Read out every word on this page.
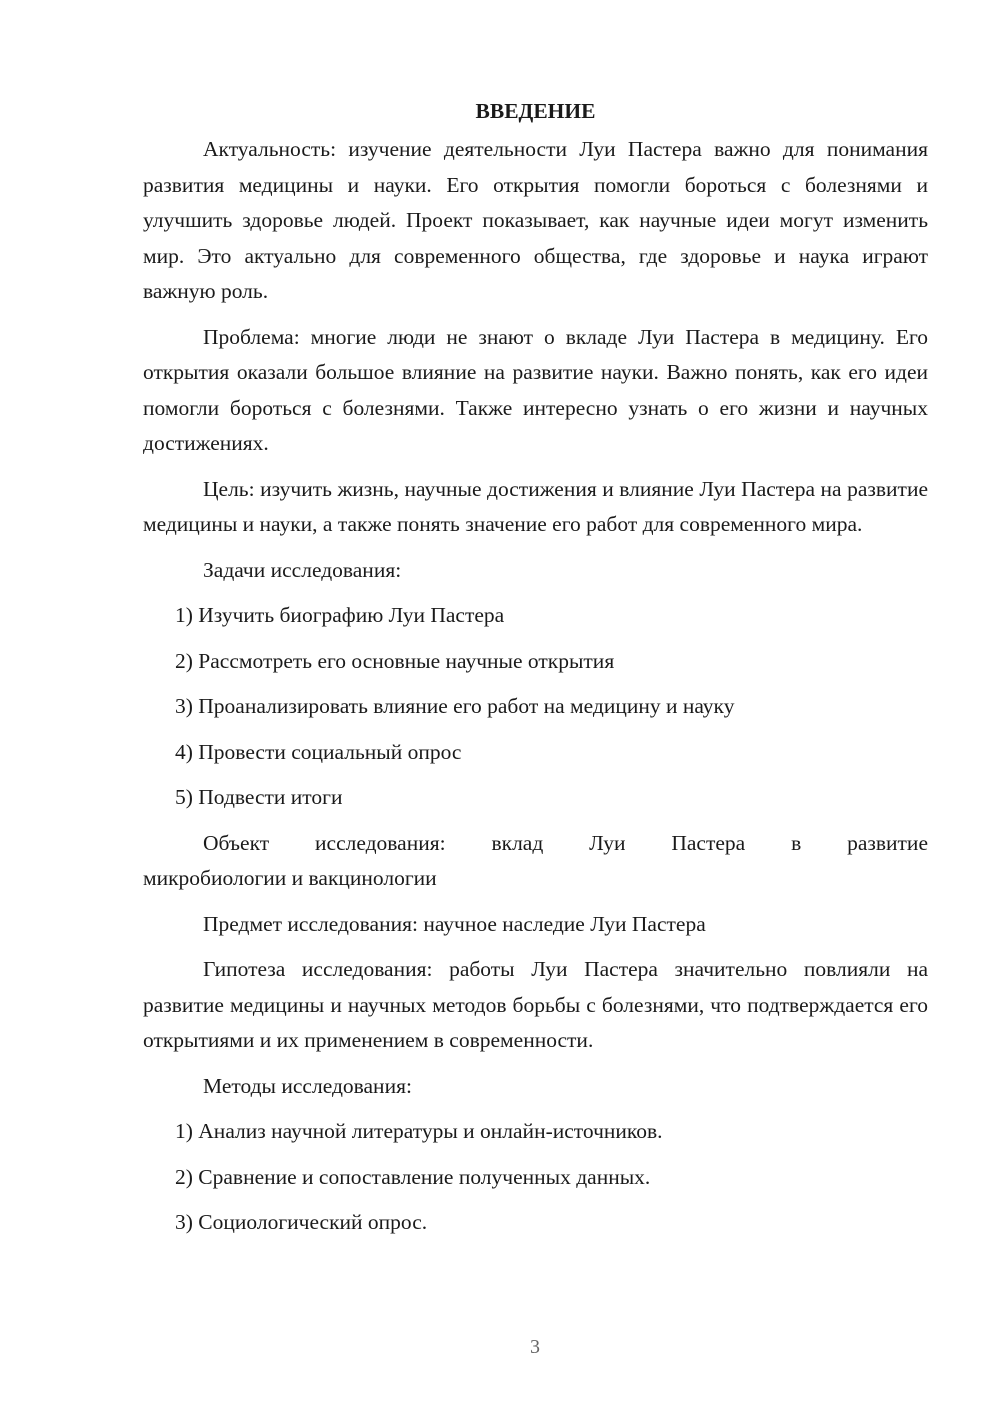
ВВЕДЕНИЕ

Актуальность: изучение деятельности Луи Пастера важно для понимания развития медицины и науки. Его открытия помогли бороться с болезнями и улучшить здоровье людей. Проект показывает, как научные идеи могут изменить мир. Это актуально для современного общества, где здоровье и наука играют важную роль.

Проблема: многие люди не знают о вкладе Луи Пастера в медицину. Его открытия оказали большое влияние на развитие науки. Важно понять, как его идеи помогли бороться с болезнями. Также интересно узнать о его жизни и научных достижениях.

Цель: изучить жизнь, научные достижения и влияние Луи Пастера на развитие медицины и науки, а также понять значение его работ для современного мира.

Задачи исследования:
1) Изучить биографию Луи Пастера
2) Рассмотреть его основные научные открытия
3) Проанализировать влияние его работ на медицину и науку
4) Провести социальный опрос
5) Подвести итоги
Объект исследования: вклад Луи Пастера в развитие
микробиологии и вакцинологии
Предмет исследования: научное наследие Луи Пастера

Гипотеза исследования: работы Луи Пастера значительно повлияли на развитие медицины и научных методов борьбы с болезнями, что подтверждается его открытиями и их применением в современности.

Методы исследования:
1) Анализ научной литературы и онлайн-источников.
2) Сравнение и сопоставление полученных данных.
3) Социологический опрос.
3
